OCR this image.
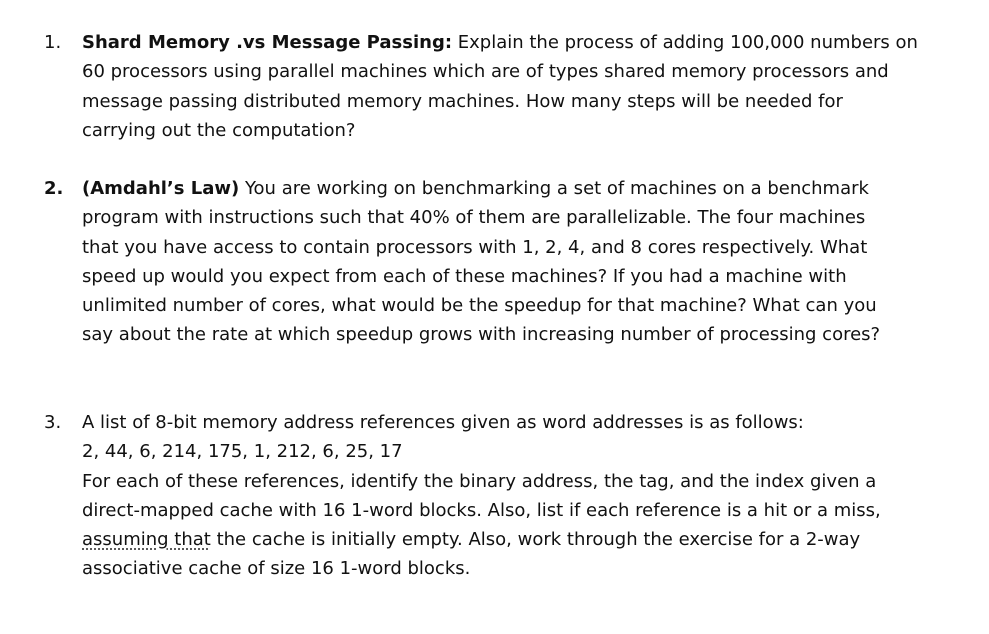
1. Shard Memory .vs Message Passing: Explain the process of adding 100,000 numbers on
60 processors using parallel machines which are of types shared memory processors and
message passing distributed memory machines. How many steps will be needed for
carrying out the computation?
2. (Amdahl’s Law) You are working on benchmarking a set of machines on a benchmark
program with instructions such that 40% of them are parallelizable. The four machines
that you have access to contain processors with 1, 2, 4, and 8 cores respectively. What
speed up would you expect from each of these machines? If you had a machine with
unlimited number of cores, what would be the speedup for that machine? What can you
say about the rate at which speedup grows with increasing number of processing cores?
3. A list of 8-bit memory address references given as word addresses is as follows:
2, 44, 6, 214, 175, 1, 212, 6, 25, 17
For each of these references, identify the binary address, the tag, and the index given a
direct-mapped cache with 16 1-word blocks. Also, list if each reference is a hit or a miss,
assuming that the cache is initially empty. Also, work through the exercise for a 2-way
associative cache of size 16 1-word blocks.
